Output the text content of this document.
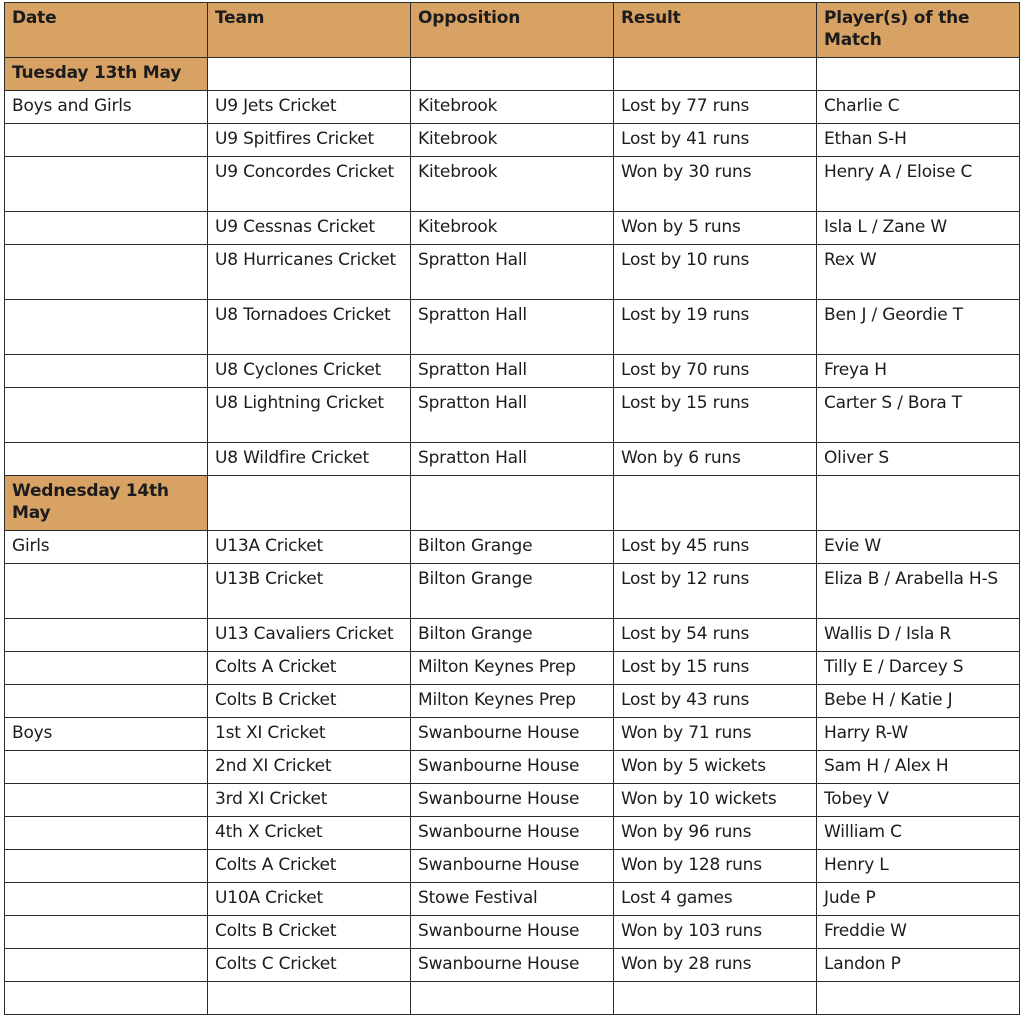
Date	Team	Opposition	Result	Player(s) of the Match
Tuesday 13th May				
Boys and Girls	U9 Jets Cricket	Kitebrook	Lost by 77 runs	Charlie C
	U9 Spitfires Cricket	Kitebrook	Lost by 41 runs	Ethan S-H
	U9 Concordes Cricket	Kitebrook	Won by 30 runs	Henry A / Eloise C
	U9 Cessnas Cricket	Kitebrook	Won by 5 runs	Isla L / Zane W
	U8 Hurricanes Cricket	Spratton Hall	Lost by 10 runs	Rex W
	U8 Tornadoes Cricket	Spratton Hall	Lost by 19 runs	Ben J / Geordie T
	U8 Cyclones Cricket	Spratton Hall	Lost by 70 runs	Freya H
	U8 Lightning Cricket	Spratton Hall	Lost by 15 runs	Carter S / Bora T
	U8 Wildfire Cricket	Spratton Hall	Won by 6 runs	Oliver S
Wednesday 14th May				
Girls	U13A Cricket	Bilton Grange	Lost by 45 runs	Evie W
	U13B Cricket	Bilton Grange	Lost by 12 runs	Eliza B / Arabella H-S
	U13 Cavaliers Cricket	Bilton Grange	Lost by 54 runs	Wallis D / Isla R
	Colts A Cricket	Milton Keynes Prep	Lost by 15 runs	Tilly E / Darcey S
	Colts B Cricket	Milton Keynes Prep	Lost by 43 runs	Bebe H / Katie J
Boys	1st XI Cricket	Swanbourne House	Won by 71 runs	Harry R-W
	2nd XI Cricket	Swanbourne House	Won by 5 wickets	Sam H / Alex H
	3rd XI Cricket	Swanbourne House	Won by 10 wickets	Tobey V
	4th X Cricket	Swanbourne House	Won by 96 runs	William C
	Colts A Cricket	Swanbourne House	Won by 128 runs	Henry L
	U10A Cricket	Stowe Festival	Lost 4 games	Jude P
	Colts B Cricket	Swanbourne House	Won by 103 runs	Freddie W
	Colts C Cricket	Swanbourne House	Won by 28 runs	Landon P
